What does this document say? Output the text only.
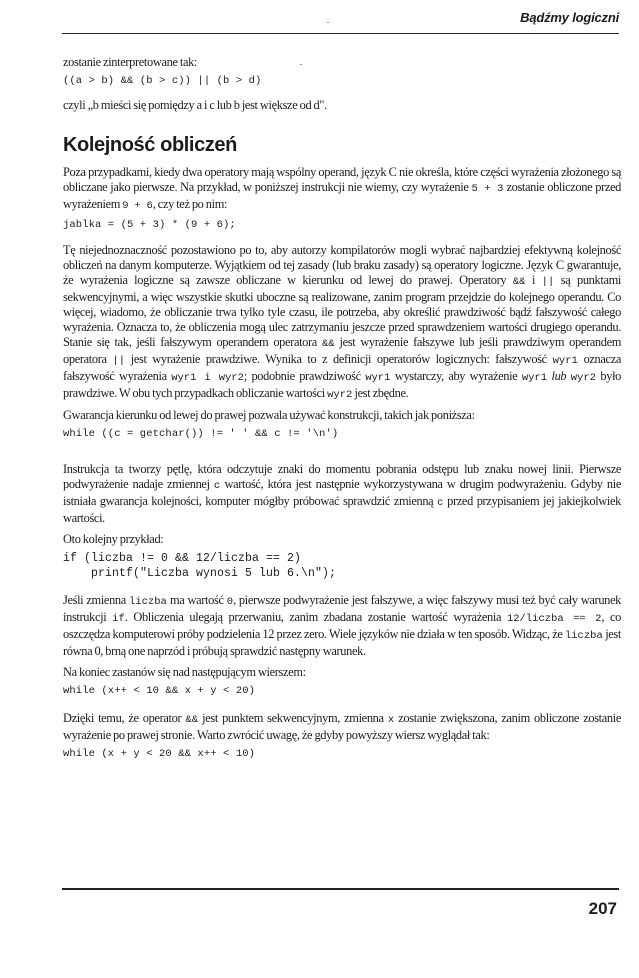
Bądźmy logiczni

zostanie zinterpretowane tak:

((a > b) && (b > c)) || (b > d)

czyli „b mieści się pomiędzy a i c lub b jest większe od d".

Kolejność obliczeń

Poza przypadkami, kiedy dwa operatory mają wspólny operand, język C nie określa, które części wyrażenia złożonego są obliczane jako pierwsze. Na przykład, w poniższej instrukcji nie wiemy, czy wyrażenie 5 + 3 zostanie obliczone przed wyrażeniem 9 + 6, czy też po nim:

jablka = (5 + 3) * (9 + 6);

Tę niejednoznaczność pozostawiono po to, aby autorzy kompilatorów mogli wybrać najbardziej efektywną kolejność obliczeń na danym komputerze. Wyjątkiem od tej zasady (lub braku zasady) są operatory logiczne. Język C gwarantuje, że wyrażenia logiczne są zawsze obliczane w kierunku od lewej do prawej. Operatory && i || są punktami sekwencyjnymi, a więc wszystkie skutki uboczne są realizowane, zanim program przejdzie do kolejnego operandu. Co więcej, wiadomo, że obliczanie trwa tylko tyle czasu, ile potrzeba, aby określić prawdziwość bądź fałszywość całego wyrażenia. Oznacza to, że obliczenia mogą ulec zatrzymaniu jeszcze przed sprawdzeniem wartości drugiego operandu. Stanie się tak, jeśli fałszywym operandem operatora && jest wyrażenie fałszywe lub jeśli prawdziwym operandem operatora || jest wyrażenie prawdziwe. Wynika to z definicji operatorów logicznych: fałszywość wyr1 oznacza fałszywość wyrażenia wyr1 i wyr2; podobnie prawdziwość wyr1 wystarczy, aby wyrażenie wyr1 lub wyr2 było prawdziwe. W obu tych przypadkach obliczanie wartości wyr2 jest zbędne.

Gwarancja kierunku od lewej do prawej pozwala używać konstrukcji, takich jak poniższa:

while ((c = getchar()) != ' ' && c != '\n')

Instrukcja ta tworzy pętlę, która odczytuje znaki do momentu pobrania odstępu lub znaku nowej linii. Pierwsze podwyrażenie nadaje zmiennej c wartość, która jest następnie wykorzystywana w drugim podwyrażeniu. Gdyby nie istniała gwarancja kolejności, komputer mógłby próbować sprawdzić zmienną c przed przypisaniem jej jakiejkolwiek wartości.

Oto kolejny przykład:

if (liczba != 0 && 12/liczba == 2)
printf("Liczba wynosi 5 lub 6.\n");

Jeśli zmienna liczba ma wartość 0, pierwsze podwyrażenie jest fałszywe, a więc fałszywy musi też być cały warunek instrukcji if. Obliczenia ulegają przerwaniu, zanim zbadana zostanie wartość wyrażenia 12/liczba == 2, co oszczędza komputerowi próby podzielenia 12 przez zero. Wiele języków nie działa w ten sposób. Widząc, że liczba jest równa 0, brną one naprzód i próbują sprawdzić następny warunek.

Na koniec zastanów się nad następującym wierszem:

while (x++ < 10 && x + y < 20)

Dzięki temu, że operator && jest punktem sekwencyjnym, zmienna x zostanie zwiększona, zanim obliczone zostanie wyrażenie po prawej stronie. Warto zwrócić uwagę, że gdyby powyższy wiersz wyglądał tak:

while (x + y < 20 && x++ < 10)
207
